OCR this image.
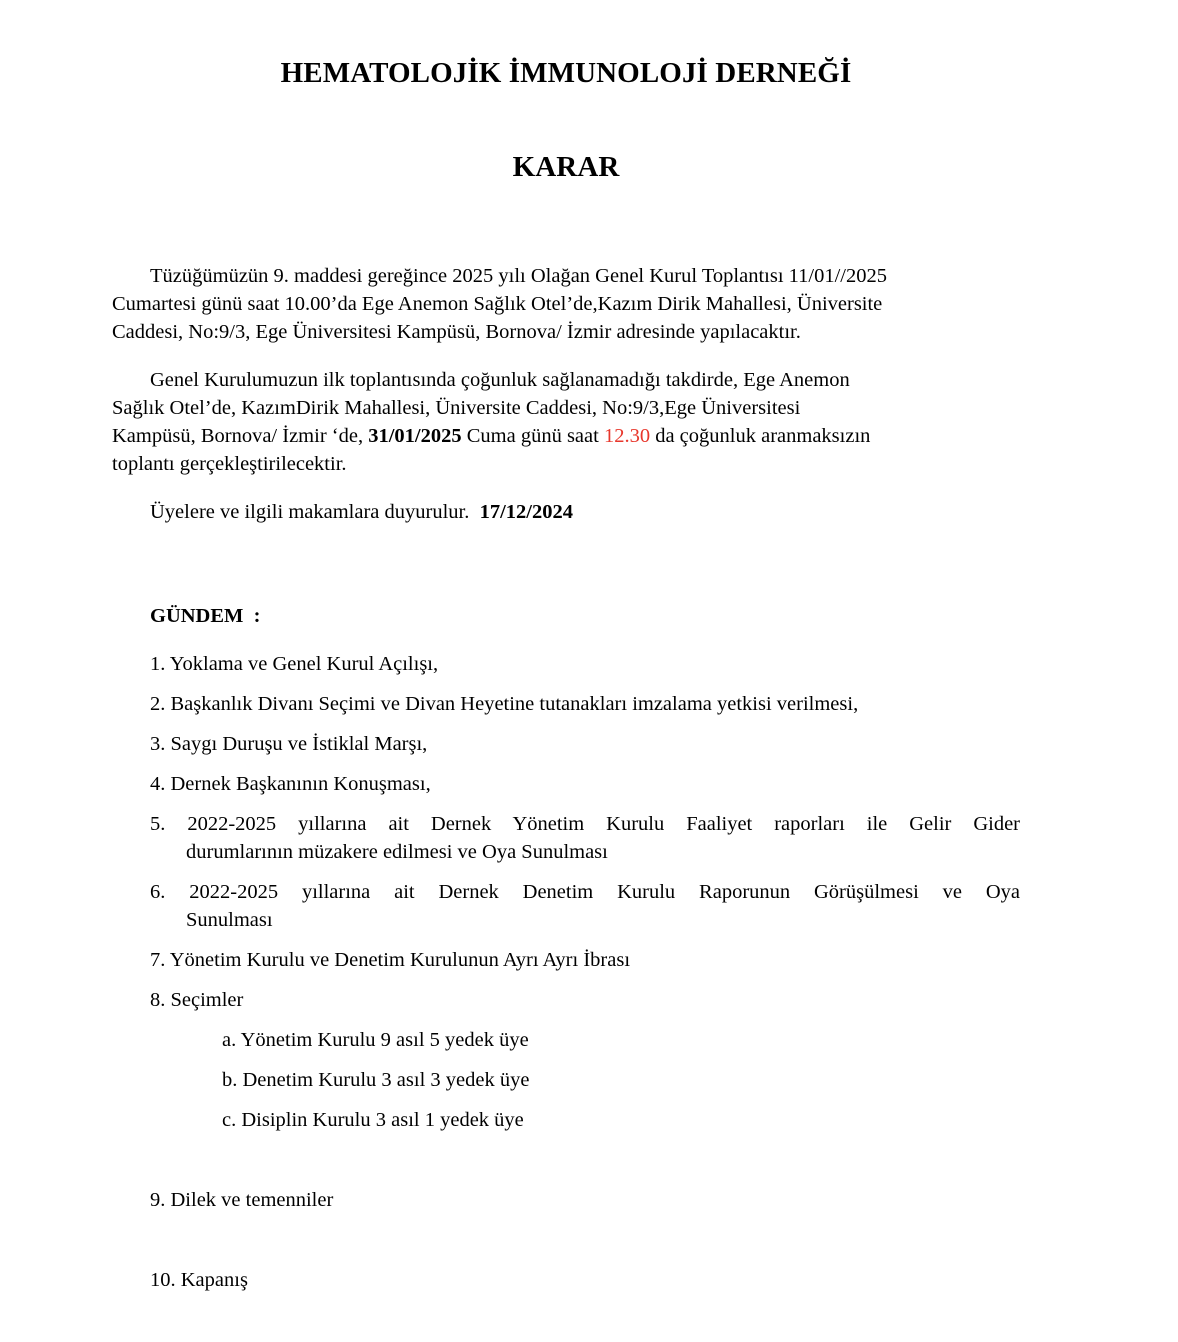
HEMATOLOJİK İMMUNOLOJİ DERNEĞİ
KARAR

Tüzüğümüzün 9. maddesi gereğince 2025 yılı Olağan Genel Kurul Toplantısı 11/01//2025
Cumartesi günü saat 10.00’da Ege Anemon Sağlık Otel’de,Kazım Dirik Mahallesi, Üniversite
Caddesi, No:9/3, Ege Üniversitesi Kampüsü, Bornova/ İzmir adresinde yapılacaktır.

Genel Kurulumuzun ilk toplantısında çoğunluk sağlanamadığı takdirde, Ege Anemon
Sağlık Otel’de, KazımDirik Mahallesi, Üniversite Caddesi, No:9/3,Ege Üniversitesi
Kampüsü, Bornova/ İzmir ‘de, 31/01/2025 Cuma günü saat 12.30 da çoğunluk aranmaksızın
toplantı gerçekleştirilecektir.

Üyelere ve ilgili makamlara duyurulur.  17/12/2024

GÜNDEM  :
1. Yoklama ve Genel Kurul Açılışı,
2. Başkanlık Divanı Seçimi ve Divan Heyetine tutanakları imzalama yetkisi verilmesi,
3. Saygı Duruşu ve İstiklal Marşı,
4. Dernek Başkanının Konuşması,
5. 2022-2025 yıllarına ait Dernek Yönetim Kurulu Faaliyet raporları ile Gelir Gider
durumlarının müzakere edilmesi ve Oya Sunulması
6. 2022-2025 yıllarına ait Dernek Denetim Kurulu Raporunun Görüşülmesi ve Oya
Sunulması
7. Yönetim Kurulu ve Denetim Kurulunun Ayrı Ayrı İbrası
8. Seçimler
a. Yönetim Kurulu 9 asıl 5 yedek üye
b. Denetim Kurulu 3 asıl 3 yedek üye
c. Disiplin Kurulu 3 asıl 1 yedek üye
9. Dilek ve temenniler
10. Kapanış
